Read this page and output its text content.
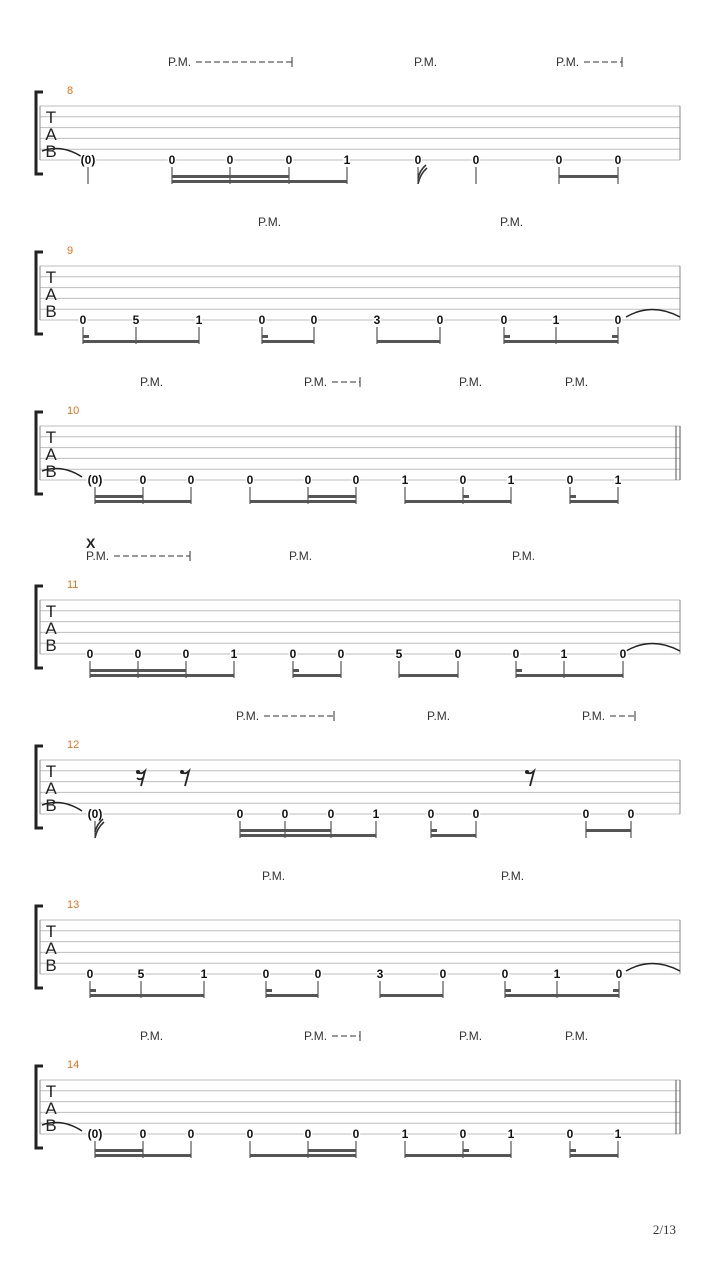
T
A
B
8
P.M.	P.M.	P.M.
(0)	0	0	0	1	0	0	0	0
T
A
B
9
P.M.	P.M.
0	5	1	0	0	3	0	0	1	0
T
A
B
10
P.M.	P.M.	P.M.	P.M.
(0)	0	0	0	0	0	1	0	1	0	1
T
A
B
11
X
P.M.	P.M.	P.M.
0	0	0	1	0	0	5	0	0	1	0
T
A
B
12
P.M.	P.M.	P.M.
(0)	0	0	0	1	0	0	0	0
T
A
B
13
P.M.	P.M.
0	5	1	0	0	3	0	0	1	0
T
A
B
14
P.M.	P.M.	P.M.	P.M.
(0)	0	0	0	0	0	1	0	1	0	1
2/13
